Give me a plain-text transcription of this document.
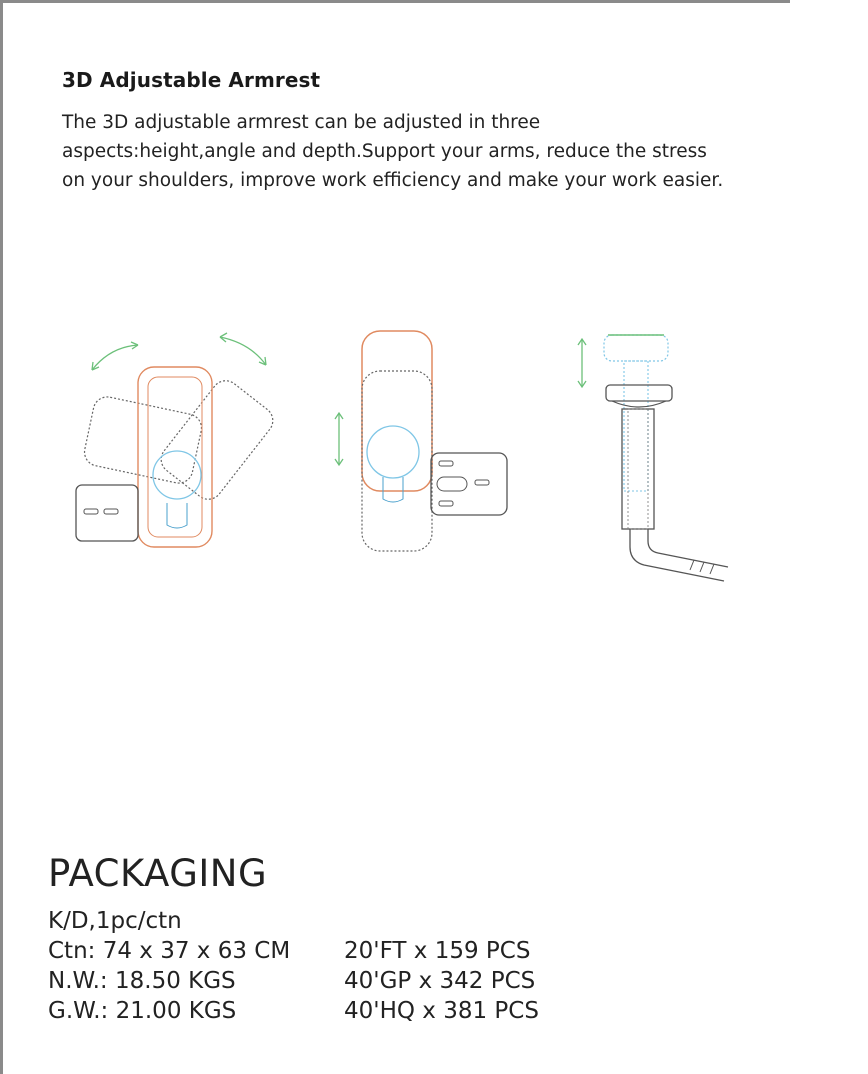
3D Adjustable Armrest
The 3D adjustable armrest can be adjusted in three aspects:height,angle and depth.Support your arms, reduce the stress on your shoulders, improve work efficiency and make your work easier.
PACKAGING
K/D,1pc/ctn
Ctn: 74 x 37 x 63 CM
N.W.: 18.50 KGS
G.W.: 21.00 KGS
20'FT x 159 PCS
40'GP x 342 PCS
40'HQ x 381 PCS
